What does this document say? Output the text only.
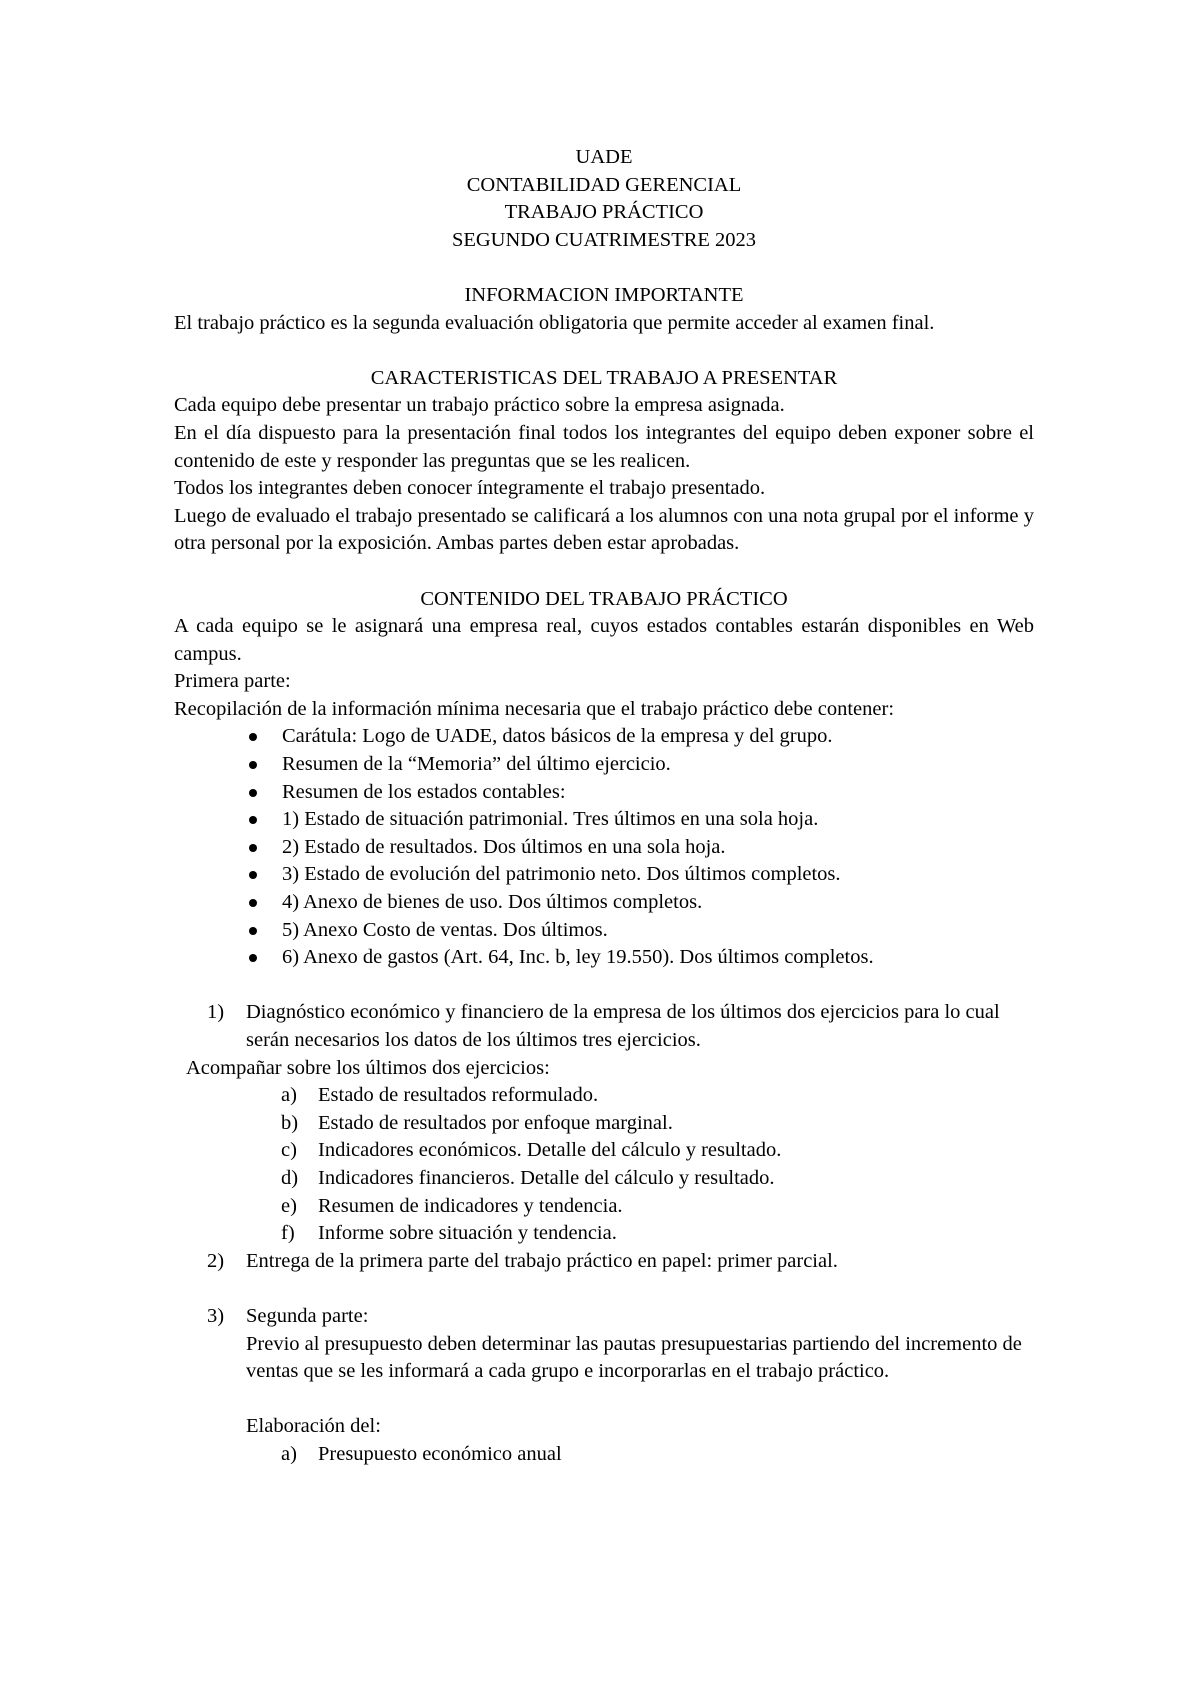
UADE
CONTABILIDAD GERENCIAL
TRABAJO PRÁCTICO
SEGUNDO CUATRIMESTRE 2023
INFORMACION IMPORTANTE
El trabajo práctico es la segunda evaluación obligatoria que permite acceder al examen final.
CARACTERISTICAS DEL TRABAJO A PRESENTAR
Cada equipo debe presentar un trabajo práctico sobre la empresa asignada.
En el día dispuesto para la presentación final todos los integrantes del equipo deben exponer sobre el contenido de este y responder las preguntas que se les realicen.
Todos los integrantes deben conocer íntegramente el trabajo presentado.
Luego de evaluado el trabajo presentado se calificará a los alumnos con una nota grupal por el informe y otra personal por la exposición. Ambas partes deben estar aprobadas.
CONTENIDO DEL TRABAJO PRÁCTICO
A cada equipo se le asignará una empresa real, cuyos estados contables estarán disponibles en Web campus.
Primera parte:
Recopilación de la información mínima necesaria que el trabajo práctico debe contener:
Carátula: Logo de UADE, datos básicos de la empresa y del grupo.
Resumen de la “Memoria” del último ejercicio.
Resumen de los estados contables:
1) Estado de situación patrimonial. Tres últimos en una sola hoja.
2) Estado de resultados. Dos últimos en una sola hoja.
3) Estado de evolución del patrimonio neto. Dos últimos completos.
4) Anexo de bienes de uso. Dos últimos completos.
5) Anexo Costo de ventas. Dos últimos.
6) Anexo de gastos (Art. 64, Inc. b, ley 19.550). Dos últimos completos.
1) Diagnóstico económico y financiero de la empresa de los últimos dos ejercicios para lo cual serán necesarios los datos de los últimos tres ejercicios.
Acompañar sobre los últimos dos ejercicios:
a) Estado de resultados reformulado.
b) Estado de resultados por enfoque marginal.
c) Indicadores económicos. Detalle del cálculo y resultado.
d) Indicadores financieros. Detalle del cálculo y resultado.
e) Resumen de indicadores y tendencia.
f) Informe sobre situación y tendencia.
2) Entrega de la primera parte del trabajo práctico en papel: primer parcial.
3) Segunda parte:
Previo al presupuesto deben determinar las pautas presupuestarias partiendo del incremento de ventas que se les informará a cada grupo e incorporarlas en el trabajo práctico.
Elaboración del:
a) Presupuesto económico anual
